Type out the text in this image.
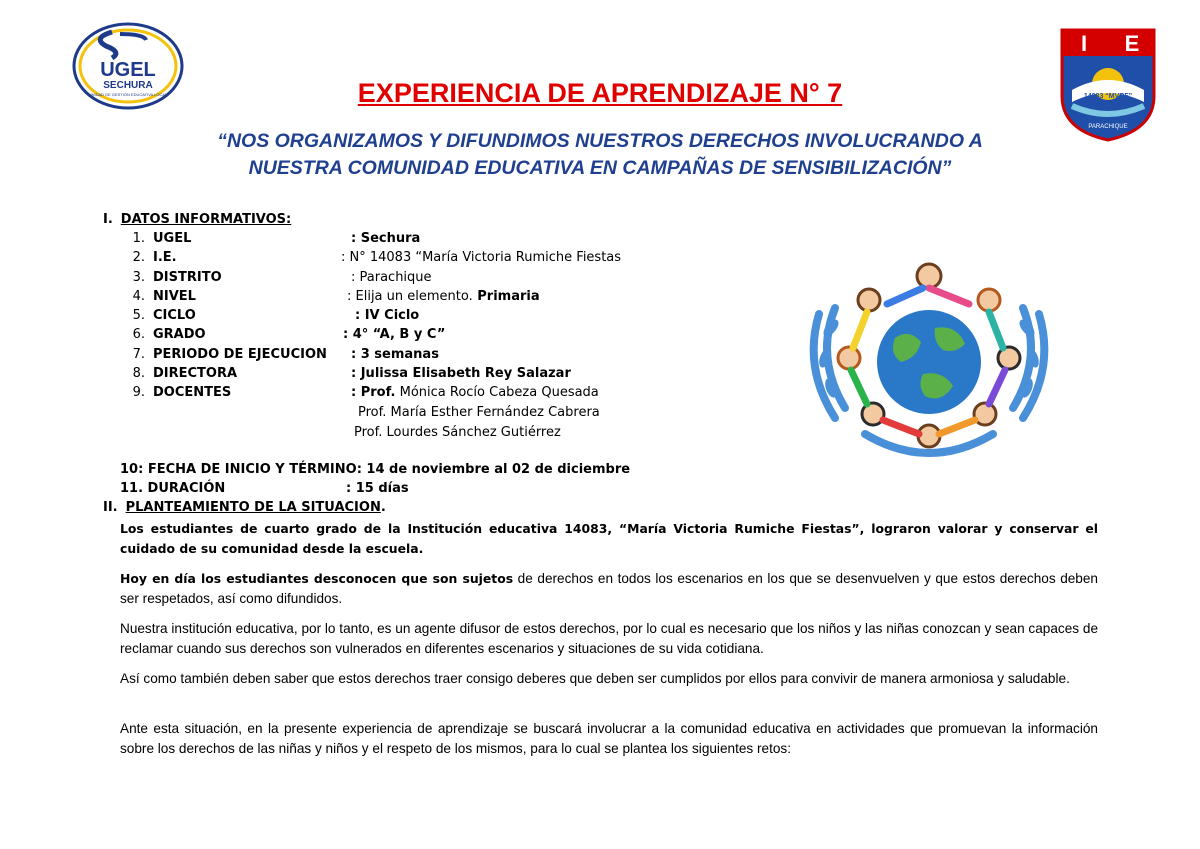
UGEL
SECHURA
UNIDAD DE GESTIÓN EDUCATIVA LOCAL
I E
14083 “MVRF”
PARACHIQUE
EXPERIENCIA DE APRENDIZAJE N° 7
“NOS ORGANIZAMOS Y DIFUNDIMOS NUESTROS DERECHOS INVOLUCRANDO A
NUESTRA COMUNIDAD EDUCATIVA EN CAMPAÑAS DE SENSIBILIZACIÓN”
I. DATOS INFORMATIVOS:
1. UGEL	: Sechura
2. I.E.	: N° 14083 “María Victoria Rumiche Fiestas
3. DISTRITO	: Parachique
4. NIVEL	: Elija un elemento. Primaria
5. CICLO	: IV Ciclo
6. GRADO	: 4° “A, B y C”
7. PERIODO DE EJECUCION : 3 semanas
8. DIRECTORA	: Julissa Elisabeth Rey Salazar
9. DOCENTES	: Prof. Mónica Rocío Cabeza Quesada
Prof. María Esther Fernández Cabrera
Prof. Lourdes Sánchez Gutiérrez
10: FECHA DE INICIO Y TÉRMINO: 14 de noviembre al 02 de diciembre
11. DURACIÓN	: 15 días
II. PLANTEAMIENTO DE LA SITUACION.

Los estudiantes de cuarto grado de la Institución educativa 14083, “María Victoria Rumiche Fiestas”, lograron valorar y conservar el cuidado de su comunidad desde la escuela.

Hoy en día los estudiantes desconocen que son sujetos de derechos en todos los escenarios en los que se desenvuelven y que estos derechos deben ser respetados, así como difundidos.

Nuestra institución educativa, por lo tanto, es un agente difusor de estos derechos, por lo cual es necesario que los niños y las niñas conozcan y sean capaces de reclamar cuando sus derechos son vulnerados en diferentes escenarios y situaciones de su vida cotidiana.

Así como también deben saber que estos derechos traer consigo deberes que deben ser cumplidos por ellos para convivir de manera armoniosa y saludable.

Ante esta situación, en la presente experiencia de aprendizaje se buscará involucrar a la comunidad educativa en actividades que promuevan la información sobre los derechos de las niñas y niños y el respeto de los mismos, para lo cual se plantea los siguientes retos:
